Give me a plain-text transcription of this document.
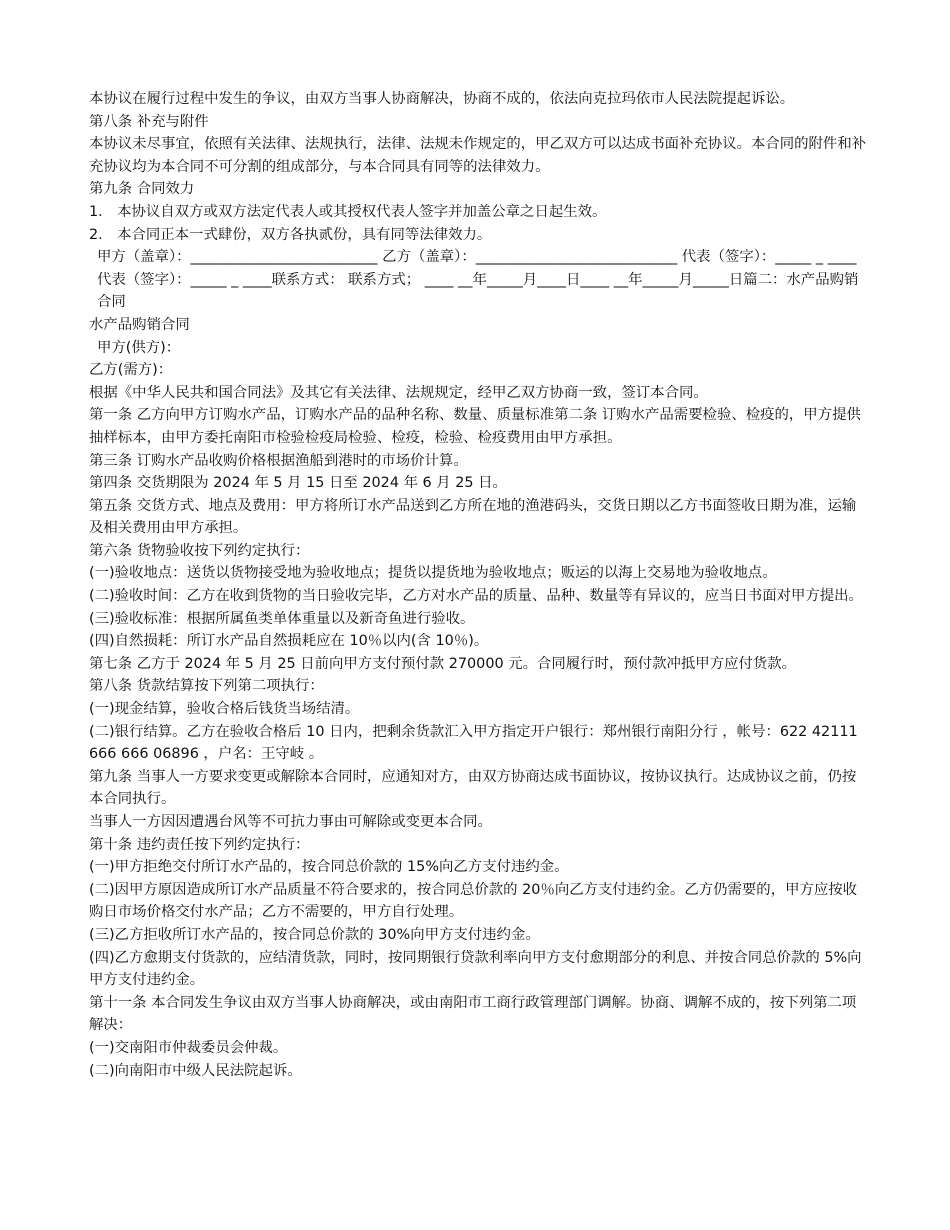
本协议在履行过程中发生的争议，由双方当事人协商解决，协商不成的，依法向克拉玛依市人民法院提起诉讼。

第八条 补充与附件

本协议未尽事宜，依照有关法律、法规执行，法律、法规未作规定的，甲乙双方可以达成书面补充协议。本合同的附件和补充协议均为本合同不可分割的组成部分，与本合同具有同等的法律效力。

第九条 合同效力

1． 本协议自双方或双方法定代表人或其授权代表人签字并加盖公章之日起生效。

2． 本合同正本一式肆份，双方各执贰份，具有同等法律效力。

甲方（盖章）：__________________________ 乙方（盖章）：____________________________ 代表（签字）：_____ _ ____ 代表（签字）：_____ _ ____联系方式： 联系方式； ____ __年_____月____日____ __年_____月_____日篇二：水产品购销合同

水产品购销合同

甲方(供方)：

乙方(需方)：

根据《中华人民共和国合同法》及其它有关法律、法规规定，经甲乙双方协商一致，签订本合同。

第一条 乙方向甲方订购水产品，订购水产品的品种名称、数量、质量标准第二条 订购水产品需要检验、检疫的，甲方提供抽样标本，由甲方委托南阳市检验检疫局检验、检疫，检验、检疫费用由甲方承担。

第三条 订购水产品收购价格根据渔船到港时的市场价计算。

第四条 交货期限为 2024 年 5 月 15 日至 2024 年 6 月 25 日。

第五条 交货方式、地点及费用：甲方将所订水产品送到乙方所在地的渔港码头，交货日期以乙方书面签收日期为准，运输及相关费用由甲方承担。

第六条 货物验收按下列约定执行：

(一)验收地点：送货以货物接受地为验收地点；提货以提货地为验收地点；贩运的以海上交易地为验收地点。

(二)验收时间：乙方在收到货物的当日验收完毕，乙方对水产品的质量、品种、数量等有异议的，应当日书面对甲方提出。

(三)验收标准：根据所属鱼类单体重量以及新奇鱼进行验收。

(四)自然损耗：所订水产品自然损耗应在 10％以内(含 10％)。

第七条 乙方于 2024 年 5 月 25 日前向甲方支付预付款 270000 元。合同履行时，预付款冲抵甲方应付货款。

第八条 货款结算按下列第二项执行：

(一)现金结算，验收合格后钱货当场结清。

(二)银行结算。乙方在验收合格后 10 日内，把剩余货款汇入甲方指定开户银行：郑州银行南阳分行 ，帐号：622 42111 666 666 06896 ，户名：王守岐 。

第九条 当事人一方要求变更或解除本合同时，应通知对方，由双方协商达成书面协议，按协议执行。达成协议之前，仍按本合同执行。

当事人一方因因遭遇台风等不可抗力事由可解除或变更本合同。

第十条 违约责任按下列约定执行：

(一)甲方拒绝交付所订水产品的，按合同总价款的 15%向乙方支付违约金。

(二)因甲方原因造成所订水产品质量不符合要求的，按合同总价款的 20％向乙方支付违约金。乙方仍需要的，甲方应按收购日市场价格交付水产品；乙方不需要的，甲方自行处理。

(三)乙方拒收所订水产品的，按合同总价款的 30%向甲方支付违约金。

(四)乙方愈期支付货款的，应结清货款，同时，按同期银行贷款利率向甲方支付愈期部分的利息、并按合同总价款的 5%向甲方支付违约金。

第十一条 本合同发生争议由双方当事人协商解决，或由南阳市工商行政管理部门调解。协商、调解不成的，按下列第二项解决：

(一)交南阳市仲裁委员会仲裁。

(二)向南阳市中级人民法院起诉。
